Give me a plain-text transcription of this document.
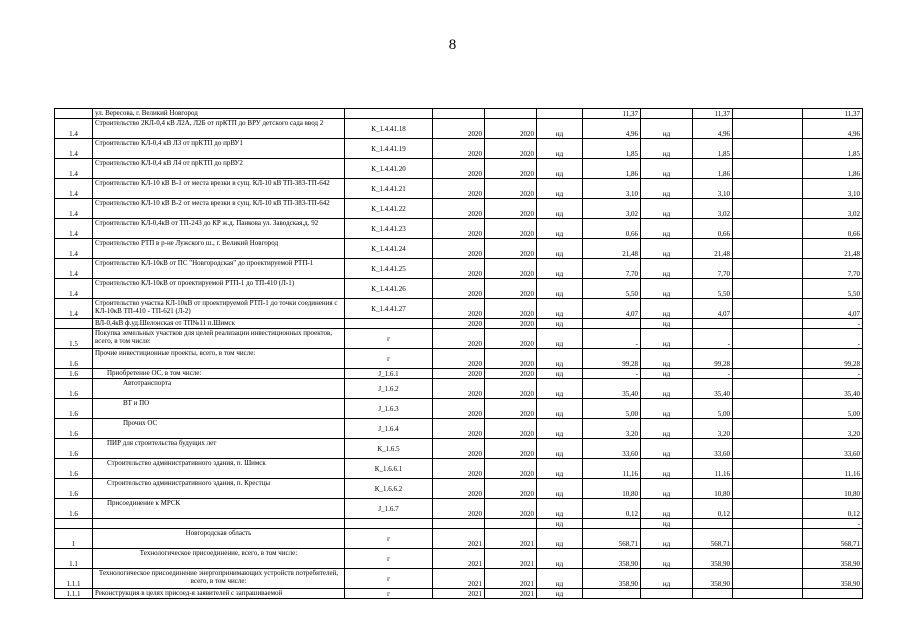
8

	ул. Вересова, г. Великий Новгород					11,37		11,37		11,37
1.4	Строительство 2КЛ-0,4 кВ Л2А, Л2Б от прКТП до ВРУ детского сада ввод 2	К_1.4.41.18	2020	2020	нд	4,96	нд	4,96		4,96
1.4	Строительство КЛ-0,4 кВ Л3 от прКТП до прВУ1	К_1.4.41.19	2020	2020	нд	1,85	нд	1,85		1,85
1.4	Строительство КЛ-0,4 кВ Л4 от прКТП до прВУ2	К_1.4.41.20	2020	2020	нд	1,86	нд	1,86		1,86
1.4	Строительство КЛ-10 кВ В-1 от места врезки в сущ. КЛ-10 кВ ТП-383-ТП-642	К_1.4.41.21	2020	2020	нд	3,10	нд	3,10		3,10
1.4	Строительство КЛ-10 кВ В-2 от места врезки в сущ. КЛ-10 кВ ТП-383-ТП-642	К_1.4.41.22	2020	2020	нд	3,02	нд	3,02		3,02
1.4	Строительство КЛ-0,4кВ от ТП-243 до КР ж.д. Панкова ул. Заводская,д. 92	К_1.4.41.23	2020	2020	нд	0,66	нд	0,66		0,66
1.4	Строительство РТП в р-не Лужского ш., г. Великий Новгород	К_1.4.41.24	2020	2020	нд	21,48	нд	21,48		21,48
1.4	Строительство КЛ-10кВ от ПС "Новгородская" до проектируемой РТП-1	К_1.4.41.25	2020	2020	нд	7,70	нд	7,70		7,70
1.4	Строительство КЛ-10кВ от проектируемой РТП-1 до ТП-410 (Л-1)	К_1.4.41.26	2020	2020	нд	5,50	нд	5,50		5,50
1.4	Строительство участка КЛ-10кВ от проектируемой РТП-1 до точки соединения с КЛ-10кВ ТП-410 - ТП-621 (Л-2)	К_1.4.41.27	2020	2020	нд	4,07	нд	4,07		4,07

	ВЛ-0,4кВ ф.уд.Шелонская от ТП№11 п.Шимск		2020	2020	нд		нд			-
1.5	Покупка земельных участков для целей реализации инвестиционных проектов, всего, в том числе:	г	2020	2020	нд	-	нд	-		-
1.6	Прочие инвестиционные проекты, всего, в том числе:	г	2020	2020	нд	99,28	нд	99,28		99,28
1.6	Приобретение ОС, в том числе:	J_1.6.1	2020	2020	нд	-	нд	-		-
1.6	Автотранспорта	J_1.6.2	2020	2020	нд	35,40	нд	35,40		35,40
1.6	ВТ и ПО	J_1.6.3	2020	2020	нд	5,00	нд	5,00		5,00
1.6	Прочих ОС	J_1.6.4	2020	2020	нд	3,20	нд	3,20		3,20
1.6	ПИР для строительства будущих лет	К_1.6.5	2020	2020	нд	33,60	нд	33,60		33,60
1.6	Строительство административного здания, п. Шимск	К_1.6.6.1	2020	2020	нд	11,16	нд	11,16		11,16
1.6	Строительство административного здания, п. Крестцы	К_1.6.6.2	2020	2020	нд	10,80	нд	10,80		10,80
1.6	Присоединение к МРСК	J_1.6.7	2020	2020	нд	0,12	нд	0,12		0,12

				нд		нд			-
1	Новгородская область	г	2021	2021	нд	568,71	нд	568,71		568,71
1.1	Технологическое присоединение, всего, в том числе:	г	2021	2021	нд	358,90	нд	358,90		358,90
1.1.1	Технологическое присоединение энергопринимающих устройств потребителей, всего, в том числе:	г	2021	2021	нд	358,90	нд	358,90		358,90
1.1.1	Реконструкция в целях присоед-я заявителей с запрашиваемой	г	2021	2021	нд					
